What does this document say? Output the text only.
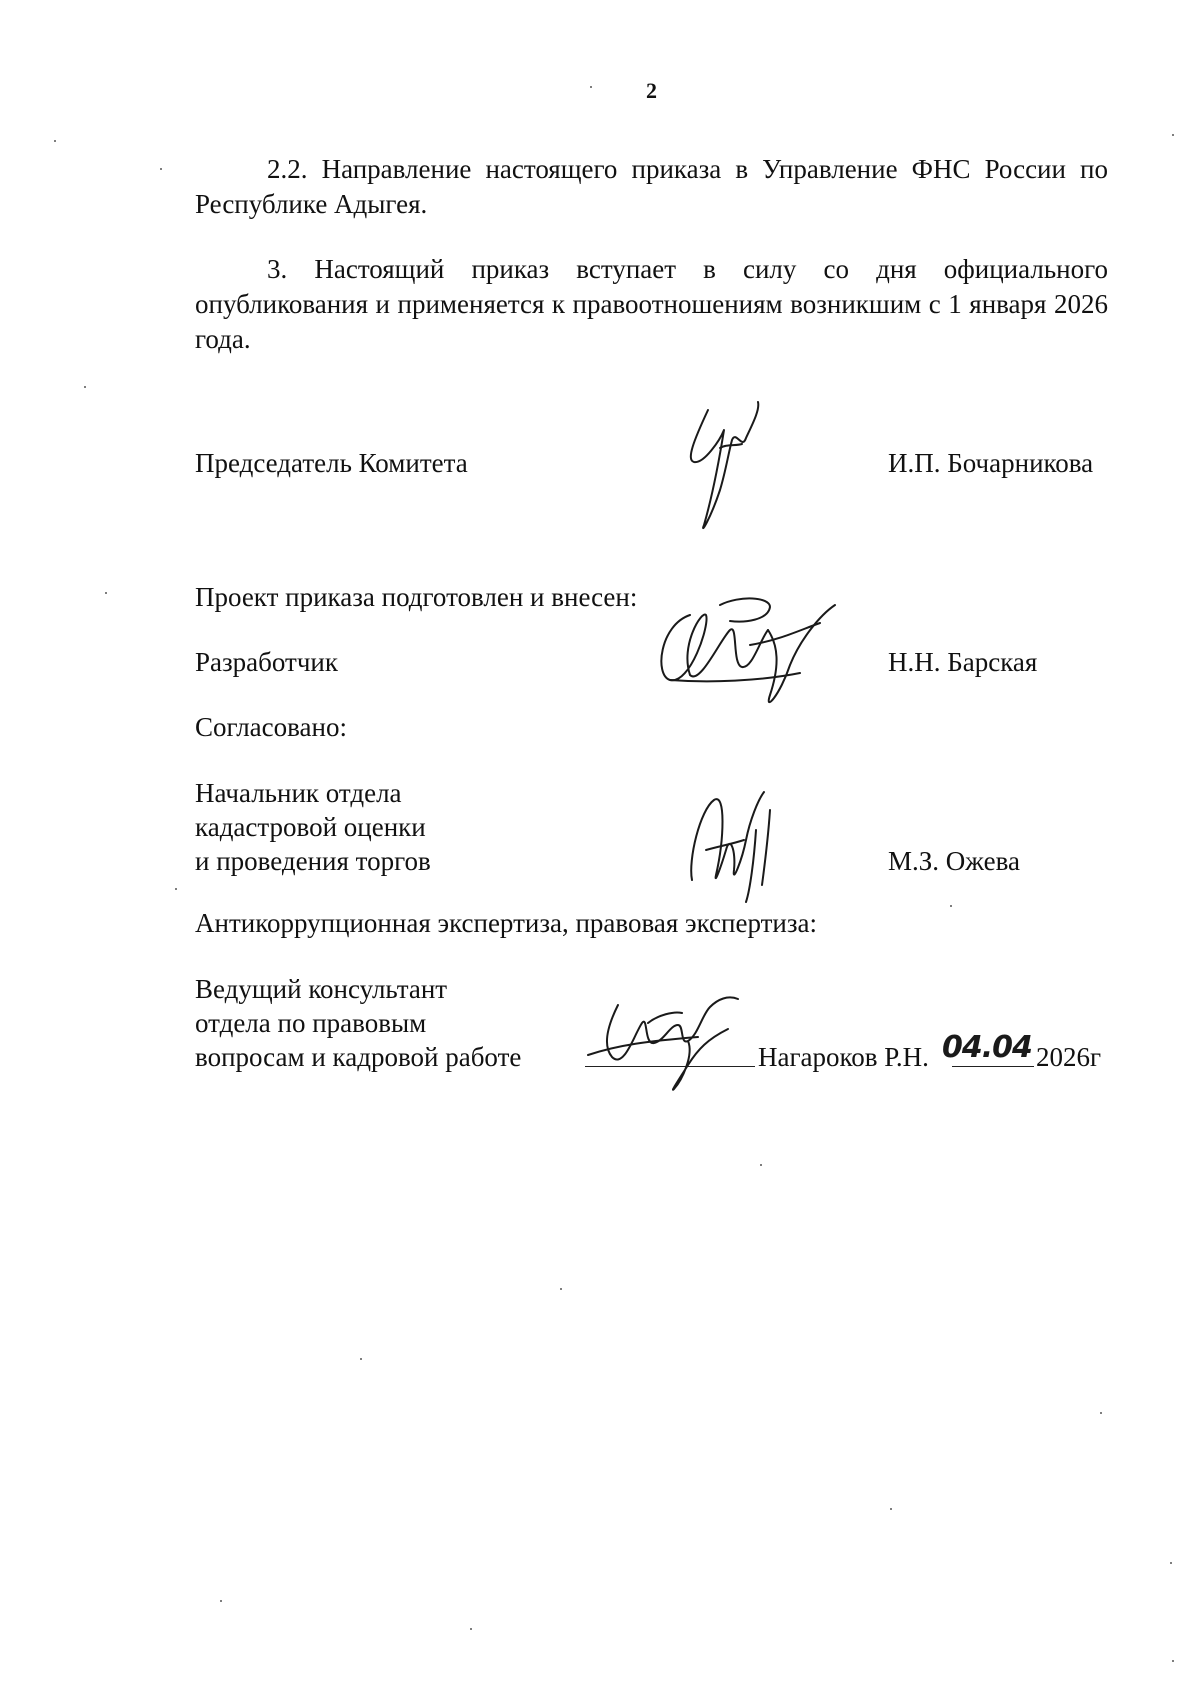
2

2.2. Направление настоящего приказа в Управление ФНС России по Республике Адыгея.

3. Настоящий приказ вступает в силу со дня официального опубликования и применяется к правоотношениям возникшим с 1 января 2026 года.

Председатель Комитета	И.П. Бочарникова
Проект приказа подготовлен и внесен:
Разработчик	Н.Н. Барская
Согласовано:
Начальник отдела
кадастровой оценки
и проведения торгов	М.З. Ожева
Антикоррупционная экспертиза, правовая экспертиза:
Ведущий консультант
отдела по правовым
вопросам и кадровой работе	Нагароков Р.Н. 04.04 2026г
